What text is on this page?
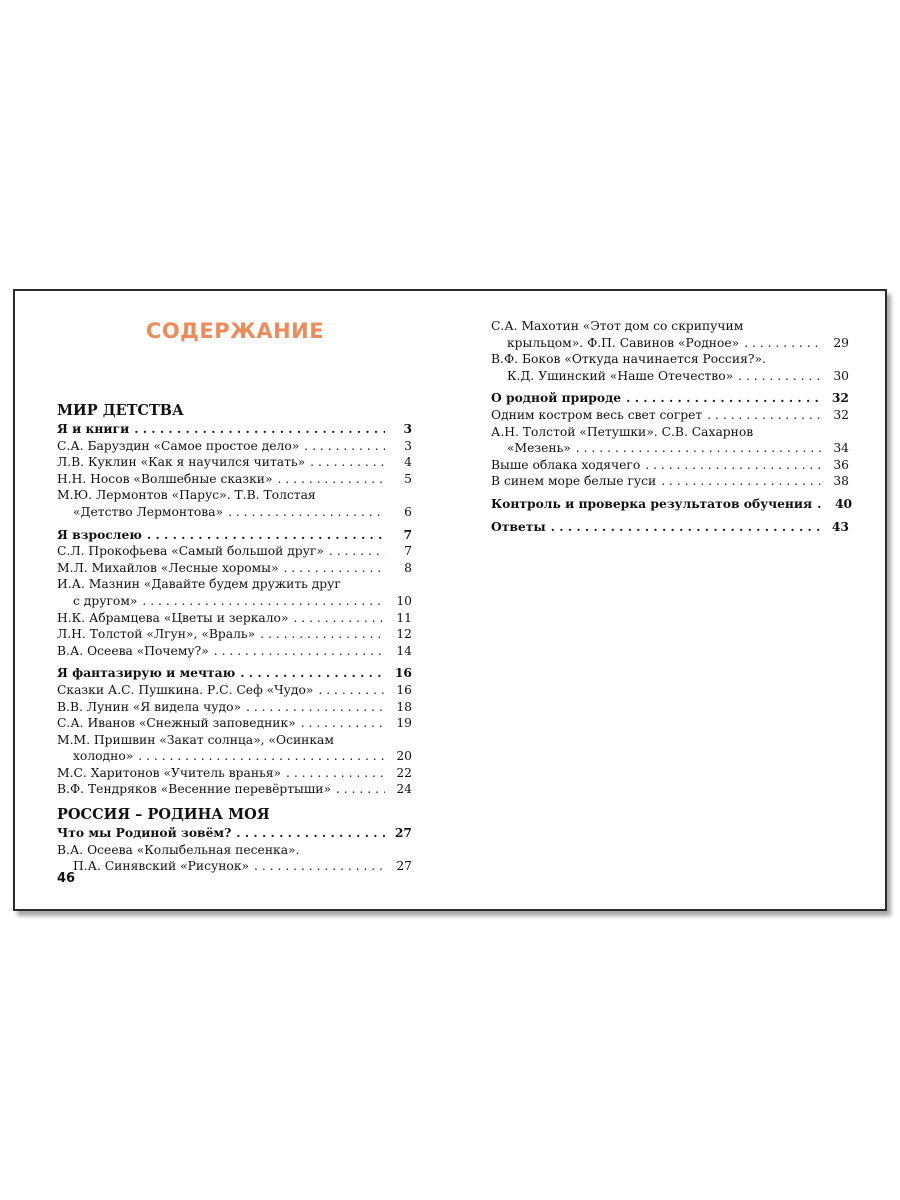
СОДЕРЖАНИЕ
МИР ДЕТСТВА
Я и книги . . .	3
С.А. Баруздин «Самое простое дело» . . .	3
Л.В. Куклин «Как я научился читать» . . .	4
Н.Н. Носов «Волшебные сказки» . . .	5
М.Ю. Лермонтов «Парус». Т.В. Толстая
«Детство Лермонтова» . . .	6
Я взрослею . . .	7
С.Л. Прокофьева «Самый большой друг» . . .	7
М.Л. Михайлов «Лесные хоромы» . . .	8
И.А. Мазнин «Давайте будем дружить друг
с другом» . . .	10
Н.К. Абрамцева «Цветы и зеркало» . . .	11
Л.Н. Толстой «Лгун», «Враль» . . .	12
В.А. Осеева «Почему?» . . .	14
Я фантазирую и мечтаю . . .	16
Сказки А.С. Пушкина. Р.С. Сеф «Чудо» . . .	16
В.В. Лунин «Я видела чудо» . . .	18
С.А. Иванов «Снежный заповедник» . . .	19
М.М. Пришвин «Закат солнца», «Осинкам
холодно» . . .	20
М.С. Харитонов «Учитель вранья» . . .	22
В.Ф. Тендряков «Весенние перевёртыши» . . .	24
РОССИЯ – РОДИНА МОЯ
Что мы Родиной зовём? . . .	27
В.А. Осеева «Колыбельная песенка».
П.А. Синявский «Рисунок» . . .	27
С.А. Махотин «Этот дом со скрипучим
крыльцом». Ф.П. Савинов «Родное» . . .	29
В.Ф. Боков «Откуда начинается Россия?».
К.Д. Ушинский «Наше Отечество» . . .	30
О родной природе . . .	32
Одним костром весь свет согрет . . .	32
А.Н. Толстой «Петушки». С.В. Сахарнов
«Мезень» . . .	34
Выше облака ходячего . . .	36
В синем море белые гуси . . .	38
Контроль и проверка результатов обучения . . .	40
Ответы . . .	43
46
